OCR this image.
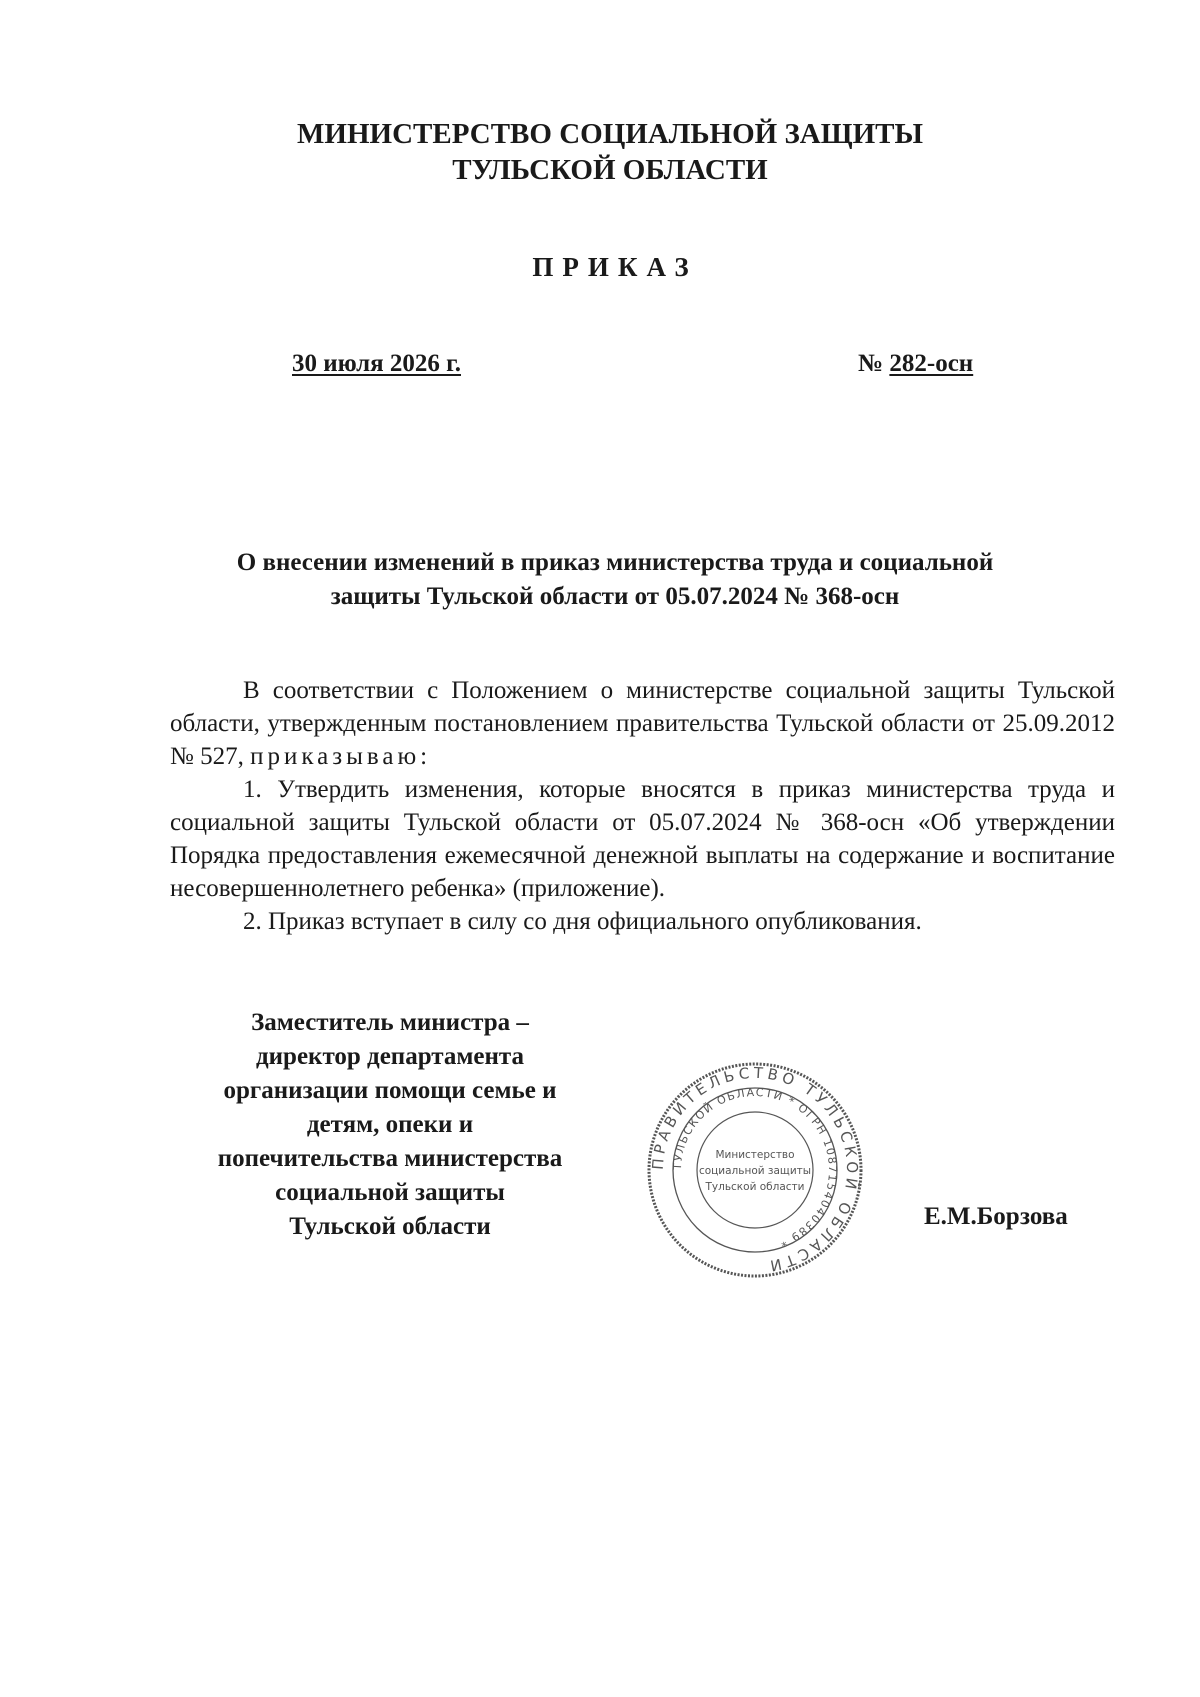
МИНИСТЕРСТВО СОЦИАЛЬНОЙ ЗАЩИТЫ
ТУЛЬСКОЙ ОБЛАСТИ
ПРИКАЗ
30 июля 2026 г.	№ 282-осн
О внесении изменений в приказ министерства труда и социальной
защиты Тульской области от 05.07.2024 № 368-осн

В соответствии с Положением о министерстве социальной защиты Тульской области, утвержденным постановлением правительства Тульской области от 25.09.2012 № 527, приказываю:

1. Утвердить изменения, которые вносятся в приказ министерства труда и социальной защиты Тульской области от 05.07.2024 № 368-осн «Об утверждении Порядка предоставления ежемесячной денежной выплаты на содержание и воспитание несовершеннолетнего ребенка» (приложение).

2. Приказ вступает в силу со дня официального опубликования.

Заместитель министра –
директор департамента
организации помощи семье и
детям, опеки и
попечительства министерства
социальной защиты
Тульской области
ПРАВИТЕЛЬСТВО ТУЛЬСКОЙ ОБЛАСТИ
ТУЛЬСКОЙ ОБЛАСТИ * ОГРН 1087154040389 *
Министерство
социальной защиты
Тульской области
Е.М.Борзова
